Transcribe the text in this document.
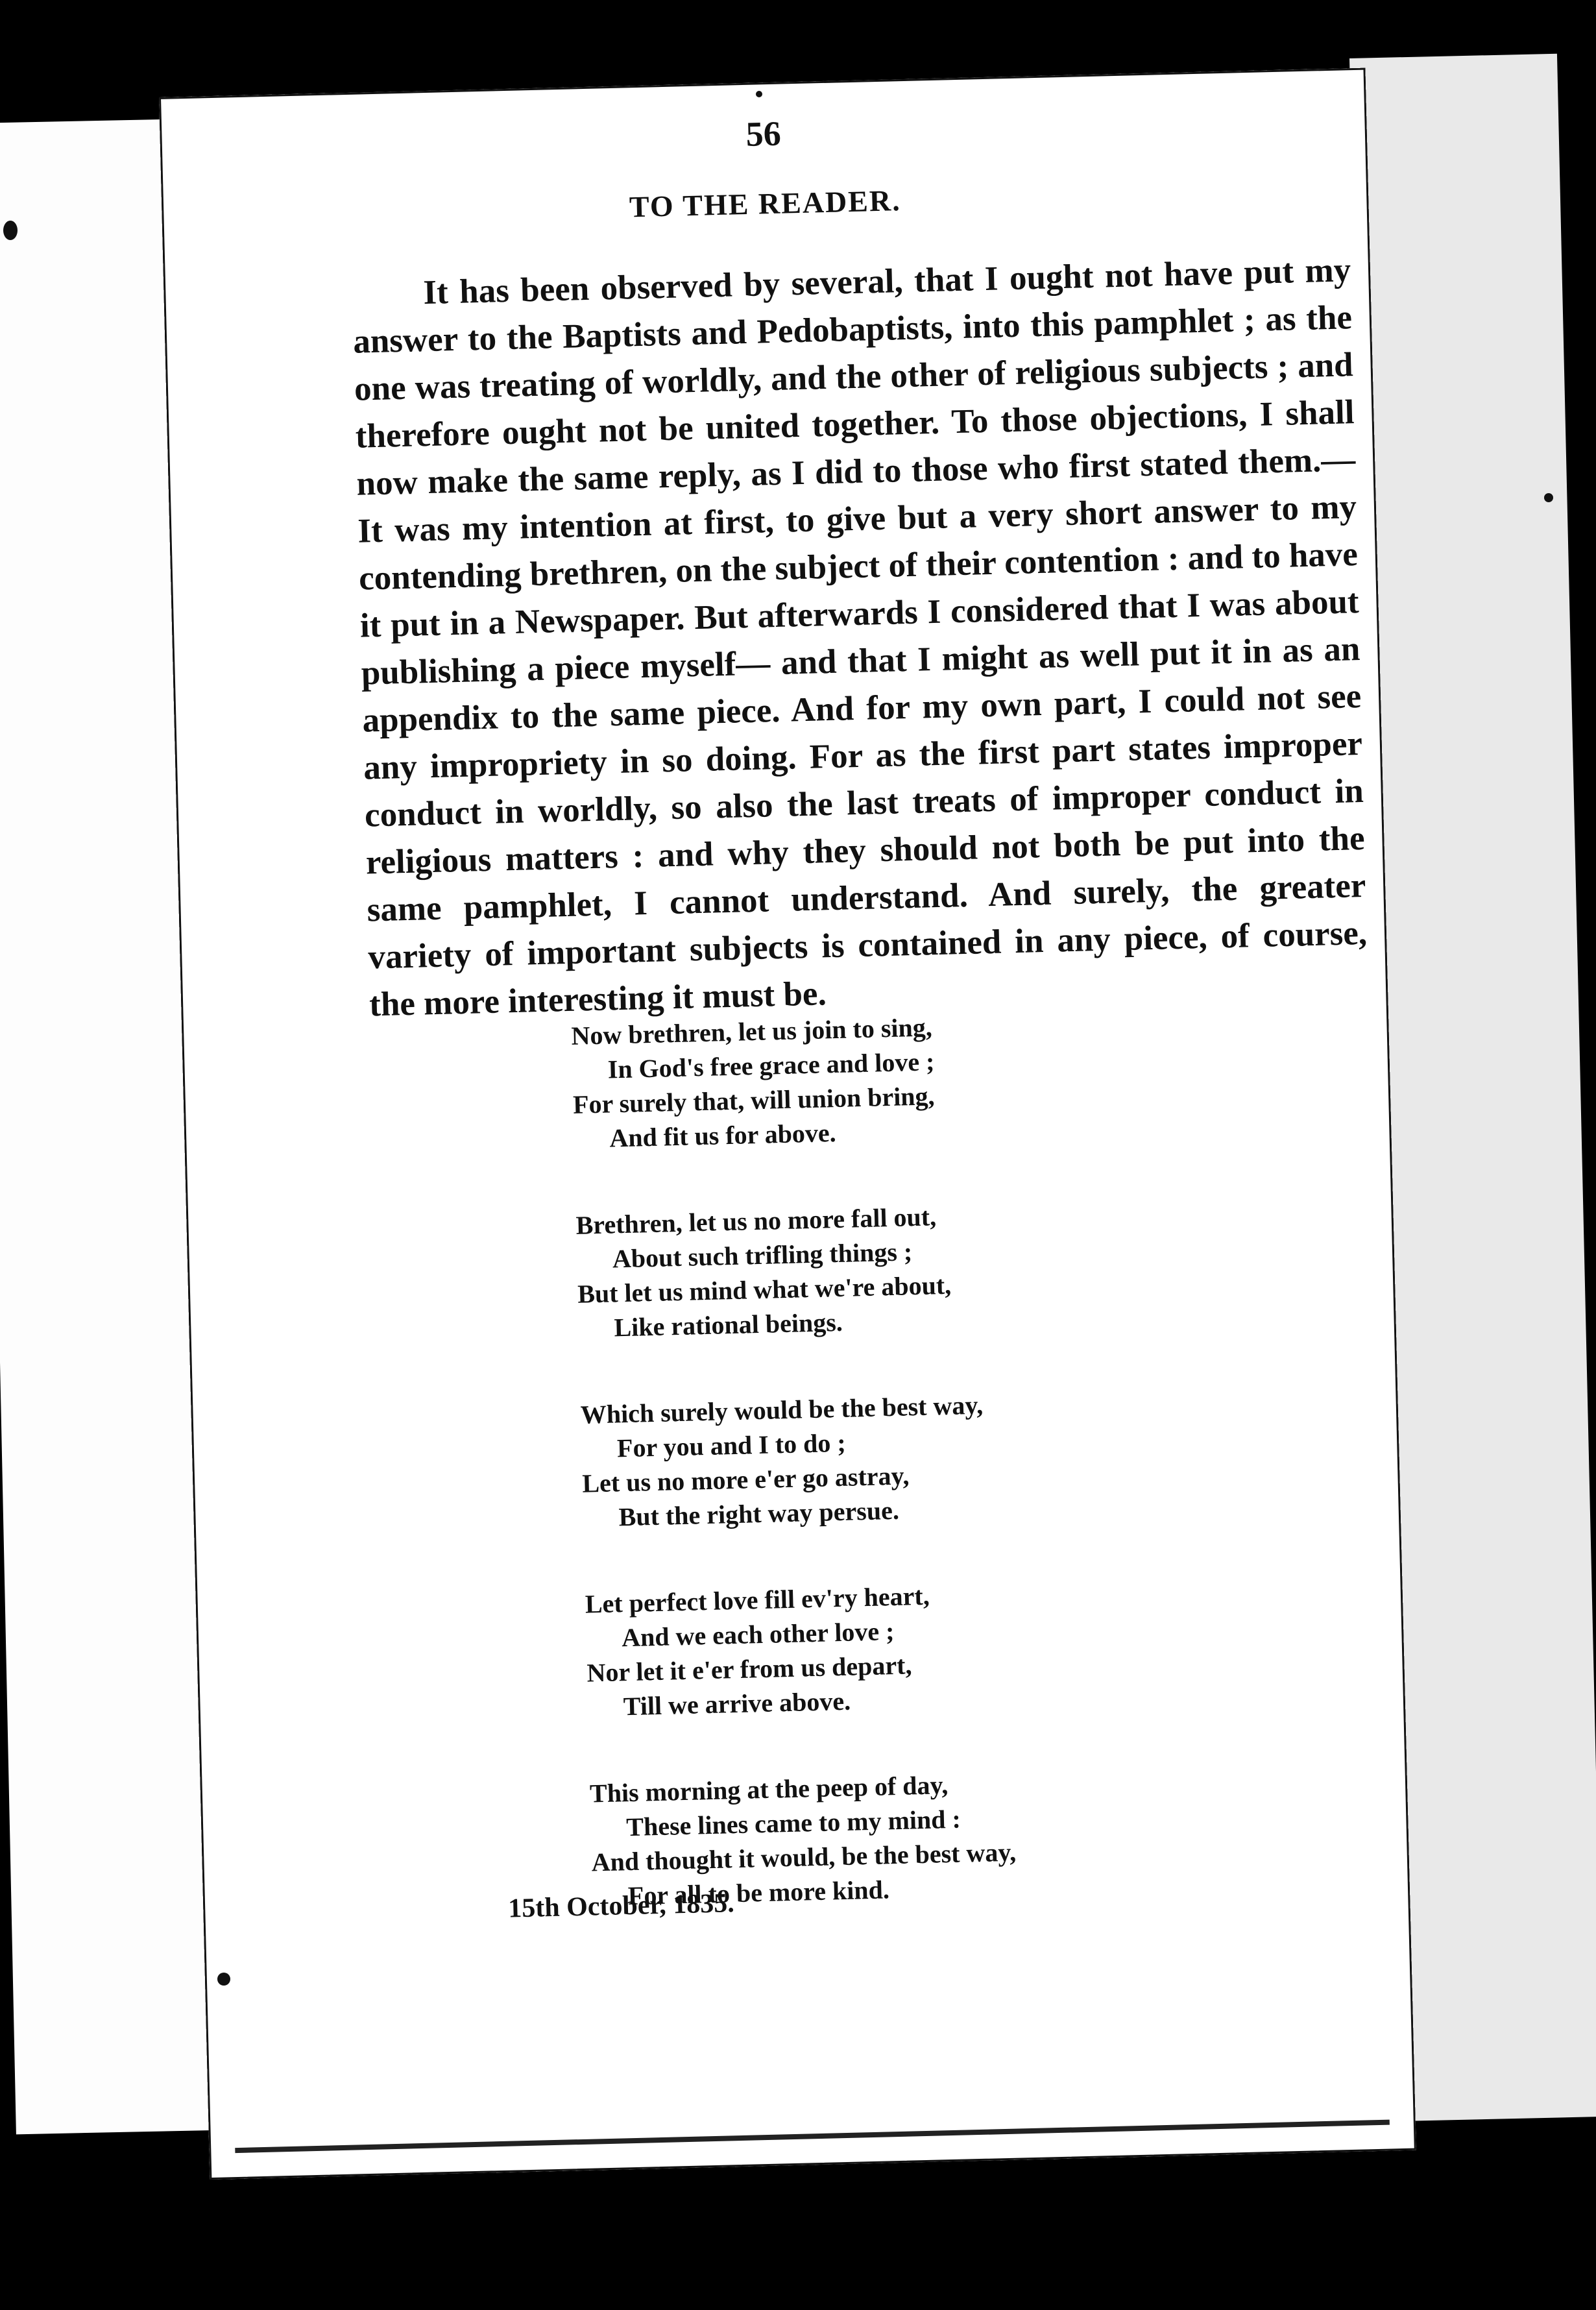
56
TO THE READER.

It has been observed by several, that I ought not have put my answer to the Baptists and Pedobaptists, into this pamphlet ; as the one was treating of worldly, and the other of religious subjects ; and therefore ought not be united together. To those objections, I shall now make the same reply, as I did to those who first stated them.— It was my intention at first, to give but a very short answer to my contending brethren, on the subject of their contention : and to have it put in a Newspaper. But afterwards I considered that I was about publishing a piece myself— and that I might as well put it in as an appendix to the same piece. And for my own part, I could not see any impropriety in so doing. For as the first part states improper conduct in worldly, so also the last treats of improper conduct in religious matters : and why they should not both be put into the same pamphlet, I cannot understand. And surely, the greater variety of important subjects is contained in any piece, of course, the more interesting it must be.

Now brethren, let us join to sing,
In God's free grace and love ;
For surely that, will union bring,
And fit us for above.
Brethren, let us no more fall out,
About such trifling things ;
But let us mind what we're about,
Like rational beings.
Which surely would be the best way,
For you and I to do ;
Let us no more e'er go astray,
But the right way persue.
Let perfect love fill ev'ry heart,
And we each other love ;
Nor let it e'er from us depart,
Till we arrive above.
This morning at the peep of day,
These lines came to my mind :
And thought it would, be the best way,
For all to be more kind.
15th October, 1835.
